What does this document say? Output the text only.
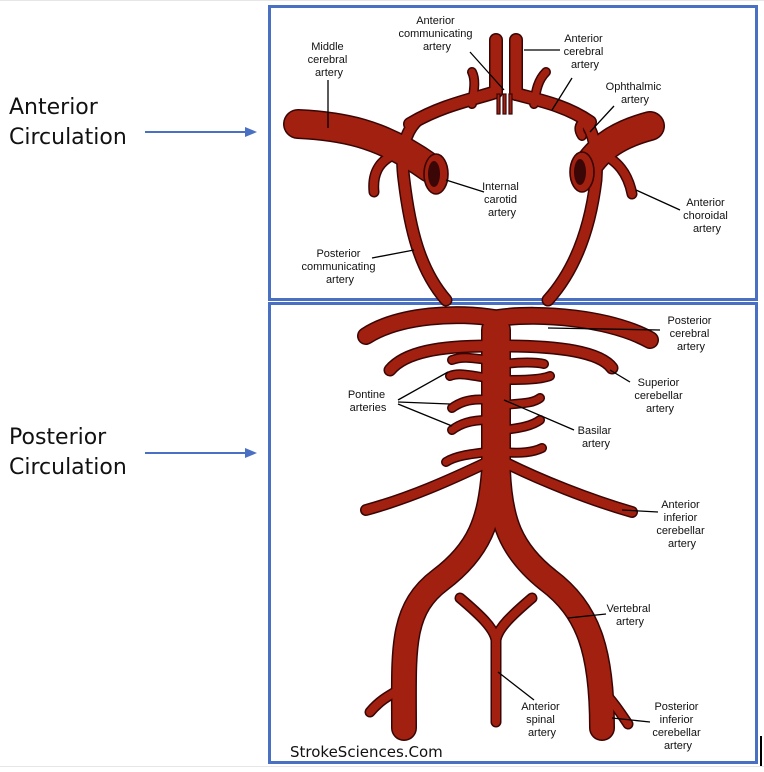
Anterior
Circulation
Posterior
Circulation
Anterior communicating artery
Anterior cerebral artery
Middle cerebral artery
Ophthalmic artery
Internal carotid artery
Anterior choroidal artery
Posterior communicating artery
Posterior cerebral artery
Superior cerebellar artery
Pontine arteries
Basilar artery
Anterior inferior cerebellar artery
Vertebral artery
Anterior spinal artery
Posterior inferior cerebellar artery
StrokeSciences.Com
